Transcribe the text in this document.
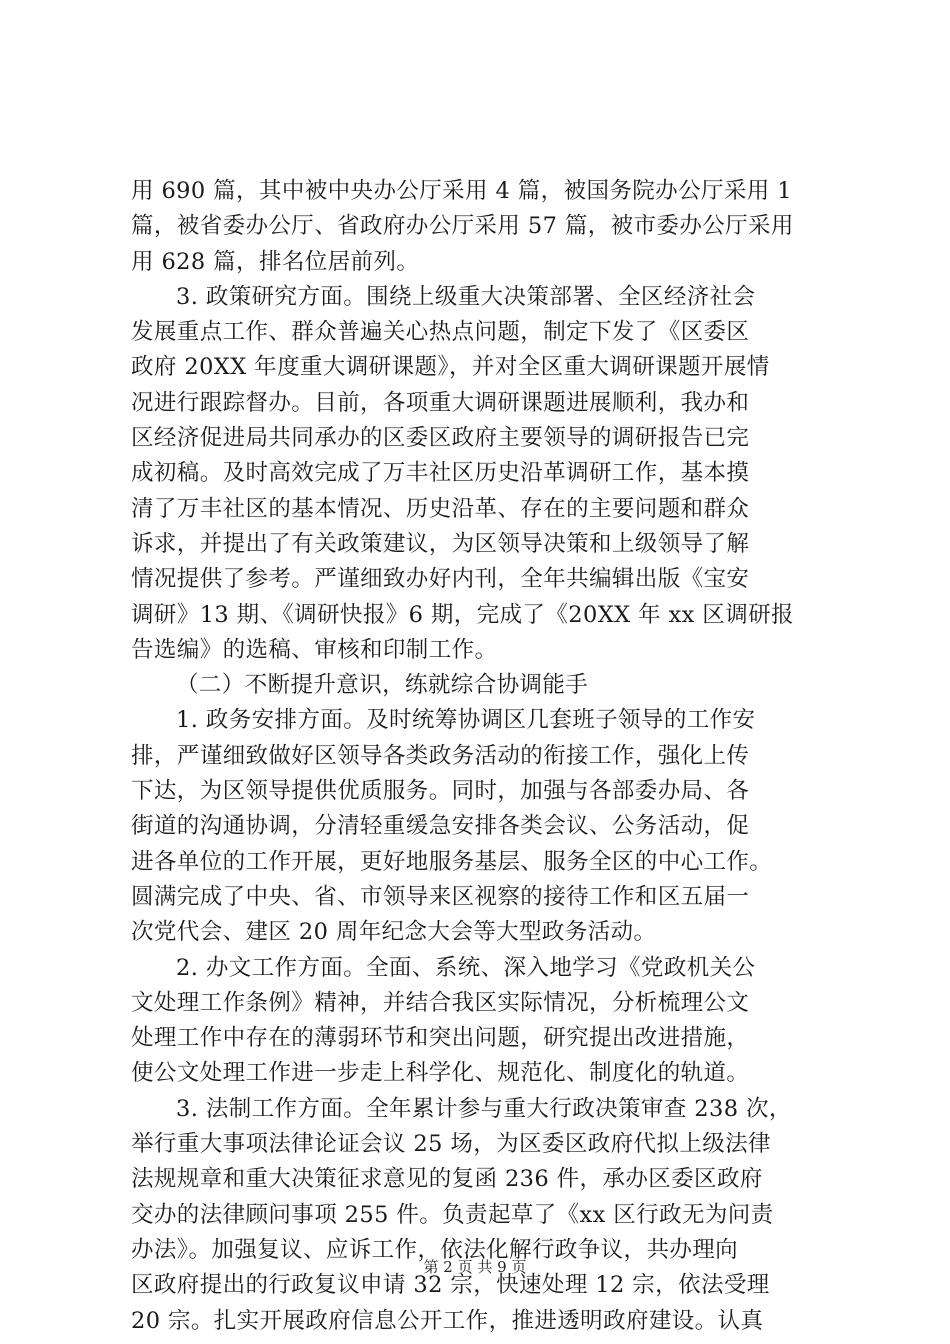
用 690 篇，其中被中央办公厅采用 4 篇，被国务院办公厅采用 1
篇，被省委办公厅、省政府办公厅采用 57 篇，被市委办公厅采用
用 628 篇，排名位居前列。
3. 政策研究方面。围绕上级重大决策部署、全区经济社会
发展重点工作、群众普遍关心热点问题，制定下发了《区委区
政府 20XX 年度重大调研课题》，并对全区重大调研课题开展情
况进行跟踪督办。目前，各项重大调研课题进展顺利，我办和
区经济促进局共同承办的区委区政府主要领导的调研报告已完
成初稿。及时高效完成了万丰社区历史沿革调研工作，基本摸
清了万丰社区的基本情况、历史沿革、存在的主要问题和群众
诉求，并提出了有关政策建议，为区领导决策和上级领导了解
情况提供了参考。严谨细致办好内刊，全年共编辑出版《宝安
调研》13 期、《调研快报》6 期，完成了《20XX 年 xx 区调研报
告选编》的选稿、审核和印制工作。
（二）不断提升意识，练就综合协调能手
1. 政务安排方面。及时统筹协调区几套班子领导的工作安
排，严谨细致做好区领导各类政务活动的衔接工作，强化上传
下达，为区领导提供优质服务。同时，加强与各部委办局、各
街道的沟通协调，分清轻重缓急安排各类会议、公务活动，促
进各单位的工作开展，更好地服务基层、服务全区的中心工作。
圆满完成了中央、省、市领导来区视察的接待工作和区五届一
次党代会、建区 20 周年纪念大会等大型政务活动。
2. 办文工作方面。全面、系统、深入地学习《党政机关公
文处理工作条例》精神，并结合我区实际情况，分析梳理公文
处理工作中存在的薄弱环节和突出问题，研究提出改进措施，
使公文处理工作进一步走上科学化、规范化、制度化的轨道。
3. 法制工作方面。全年累计参与重大行政决策审查 238 次，
举行重大事项法律论证会议 25 场，为区委区政府代拟上级法律
法规规章和重大决策征求意见的复函 236 件，承办区委区政府
交办的法律顾问事项 255 件。负责起草了《xx 区行政无为问责
办法》。加强复议、应诉工作，依法化解行政争议，共办理向
区政府提出的行政复议申请 32 宗，快速处理 12 宗，依法受理
20 宗。扎实开展政府信息公开工作，推进透明政府建设。认真
第 2 页 共 9 页
